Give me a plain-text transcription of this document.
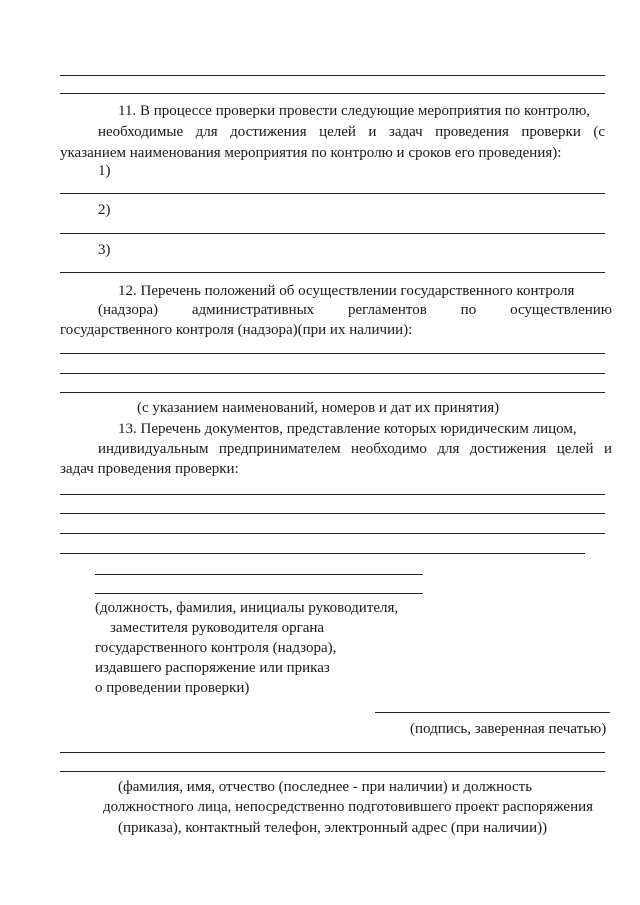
11. В процессе проверки провести следующие мероприятия по контролю,
необходимые для достижения целей и задач проведения проверки (с
указанием наименования мероприятия по контролю и сроков его проведения):
1)
2)
3)
12. Перечень положений об осуществлении государственного контроля
(надзора) административных регламентов по осуществлению
государственного контроля (надзора)(при их наличии):
(с указанием наименований, номеров и дат их принятия)
13. Перечень документов, представление которых юридическим лицом,
индивидуальным предпринимателем необходимо для достижения целей и
задач проведения проверки:
(должность, фамилия, инициалы руководителя,
заместителя руководителя органа
государственного контроля (надзора),
издавшего распоряжение или приказ
о проведении проверки)
(подпись, заверенная печатью)
(фамилия, имя, отчество (последнее - при наличии) и должность
должностного лица, непосредственно подготовившего проект распоряжения
(приказа), контактный телефон, электронный адрес (при наличии))
